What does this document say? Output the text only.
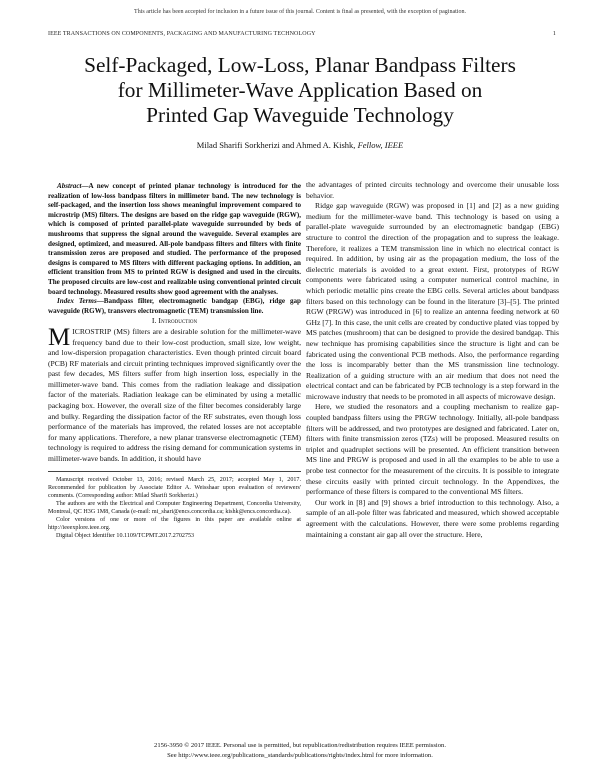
This article has been accepted for inclusion in a future issue of this journal. Content is final as presented, with the exception of pagination.
IEEE TRANSACTIONS ON COMPONENTS, PACKAGING AND MANUFACTURING TECHNOLOGY	1
Self-Packaged, Low-Loss, Planar Bandpass Filters
for Millimeter-Wave Application Based on
Printed Gap Waveguide Technology
Milad Sharifi Sorkherizi and Ahmed A. Kishk, Fellow, IEEE

Abstract—A new concept of printed planar technology is introduced for the realization of low-loss bandpass filters in millimeter band. The new technology is self-packaged, and the insertion loss shows meaningful improvement compared to microstrip (MS) filters. The designs are based on the ridge gap waveguide (RGW), which is composed of printed parallel-plate waveguide surrounded by beds of mushrooms that suppress the signal around the waveguide. Several examples are designed, optimized, and measured. All-pole bandpass filters and filters with finite transmission zeros are proposed and studied. The performance of the proposed designs is compared to MS filters with different packaging options. In addition, an efficient transition from MS to printed RGW is designed and used in the circuits. The proposed circuits are low-cost and realizable using conventional printed circuit board technology. Measured results show good agreement with the analyses.

Index Terms—Bandpass filter, electromagnetic bandgap (EBG), ridge gap waveguide (RGW), transvers electromagnetic (TEM) transmission line.

I. Introduction

MICROSTRIP (MS) filters are a desirable solution for the millimeter-wave frequency band due to their low-cost production, small size, low weight, and low-dispersion propagation characteristics. Even though printed circuit board (PCB) RF materials and circuit printing techniques improved significantly over the past few decades, MS filters suffer from high insertion loss, especially in the millimeter-wave band. This comes from the radiation leakage and dissipation factor of the materials. Radiation leakage can be eliminated by using a metallic packaging box. However, the overall size of the filter becomes considerably large and bulky. Regarding the dissipation factor of the RF substrates, even though loss performance of the materials has improved, the related losses are not acceptable for many applications. Therefore, a new planar transverse electromagnetic (TEM) technology is required to address the rising demand for communication systems in millimeter-wave bands. In addition, it should have

Manuscript received October 13, 2016; revised March 25, 2017; accepted May 1, 2017. Recommended for publication by Associate Editor A. Weisshaar upon evaluation of reviewers' comments. (Corresponding author: Milad Sharifi Sorkherizi.)

The authors are with the Electrical and Computer Engineering Department, Concordia University, Montreal, QC H3G 1M8, Canada (e-mail: mi_shari@encs.concordia.ca; kishk@encs.concordia.ca).

Color versions of one or more of the figures in this paper are available online at http://ieeexplore.ieee.org.

Digital Object Identifier 10.1109/TCPMT.2017.2702753

the advantages of printed circuits technology and overcome their unusable loss behavior.

Ridge gap waveguide (RGW) was proposed in [1] and [2] as a new guiding medium for the millimeter-wave band. This technology is based on using a parallel-plate waveguide surrounded by an electromagnetic bandgap (EBG) structure to control the direction of the propagation and to supress the leakage. Therefore, it realizes a TEM transmission line in which no electrical contact is required. In addition, by using air as the propagation medium, the loss of the dielectric materials is avoided to a great extent. First, prototypes of RGW components were fabricated using a computer numerical control machine, in which periodic metallic pins create the EBG cells. Several articles about bandpass filters based on this technology can be found in the literature [3]–[5]. The printed RGW (PRGW) was introduced in [6] to realize an antenna feeding network at 60 GHz [7]. In this case, the unit cells are created by conductive plated vias topped by MS patches (mushroom) that can be designed to provide the desired bandgap. This new technique has promising capabilities since the structure is light and can be fabricated using the conventional PCB methods. Also, the performance regarding the loss is incomparably better than the MS transmission line technology. Realization of a guiding structure with an air medium that does not need the electrical contact and can be fabricated by PCB technology is a step forward in the microwave industry that needs to be promoted in all aspects of microwave design.

Here, we studied the resonators and a coupling mechanism to realize gap-coupled bandpass filters using the PRGW technology. Initially, all-pole bandpass filters will be addressed, and two prototypes are designed and fabricated. Later on, filters with finite transmission zeros (TZs) will be proposed. Measured results on triplet and quadruplet sections will be presented. An efficient transition between MS line and PRGW is proposed and used in all the examples to be able to use a probe test connector for the measurement of the circuits. It is possible to integrate these circuits easily with printed circuit technology. In the Appendixes, the performance of these filters is compared to the conventional MS filters.

Our work in [8] and [9] shows a brief introduction to this technology. Also, a sample of an all-pole filter was fabricated and measured, which showed acceptable agreement with the calculations. However, there were some problems regarding maintaining a constant air gap all over the structure. Here,

2156-3950 © 2017 IEEE. Personal use is permitted, but republication/redistribution requires IEEE permission.
See http://www.ieee.org/publications_standards/publications/rights/index.html for more information.
